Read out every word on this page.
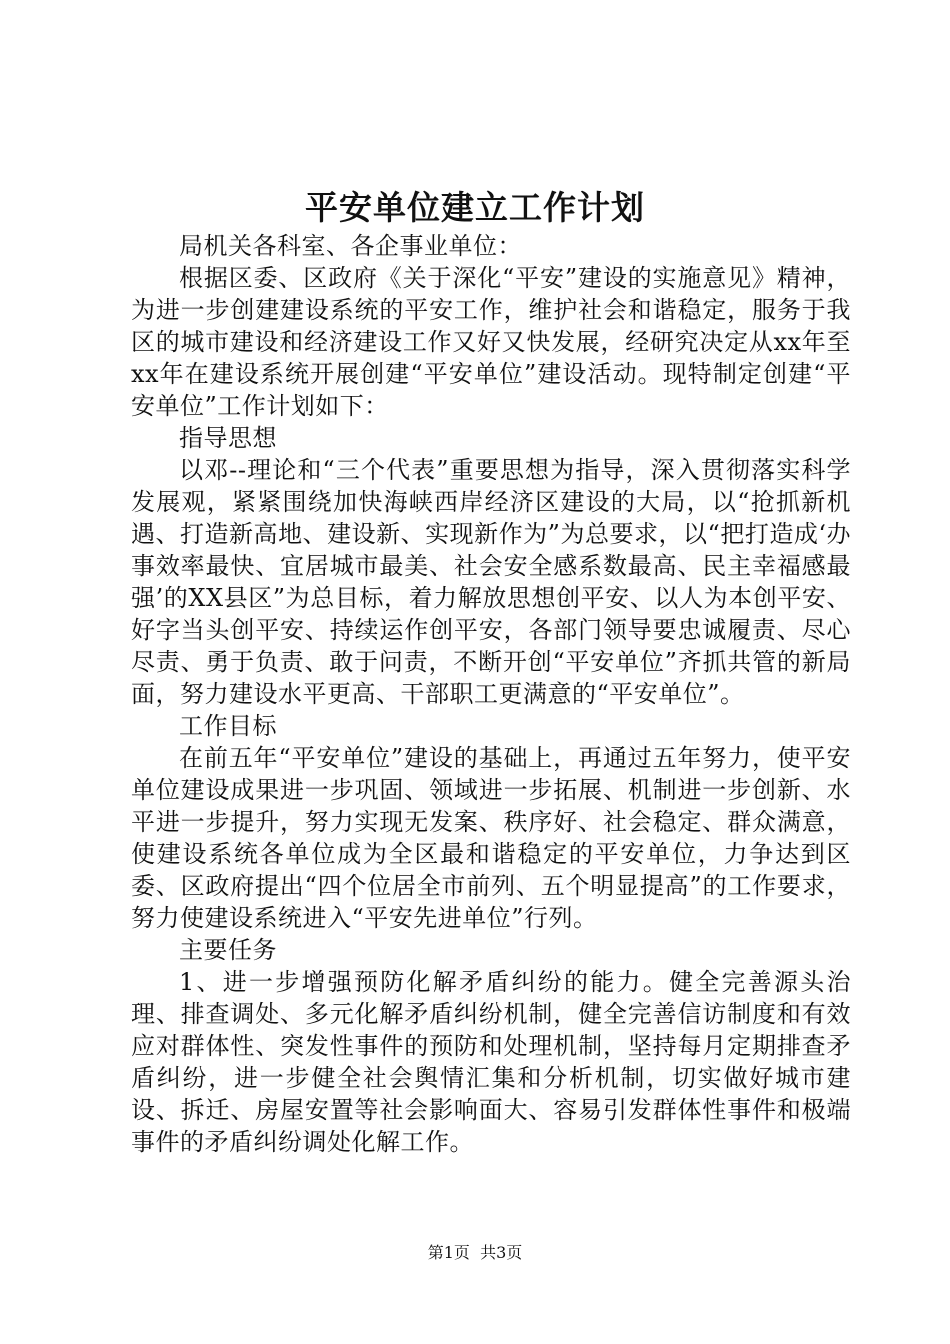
平安单位建立工作计划

局机关各科室、各企事业单位：

根据区委、区政府《关于深化“平安”建设的实施意见》精神，为进一步创建建设系统的平安工作，维护社会和谐稳定，服务于我区的城市建设和经济建设工作又好又快发展，经研究决定从xx年至xx年在建设系统开展创建“平安单位”建设活动。现特制定创建“平安单位”工作计划如下：

指导思想

以邓--理论和“三个代表”重要思想为指导，深入贯彻落实科学发展观，紧紧围绕加快海峡西岸经济区建设的大局，以“抢抓新机遇、打造新高地、建设新、实现新作为”为总要求，以“把打造成‘办事效率最快、宜居城市最美、社会安全感系数最高、民主幸福感最强’的XX县区”为总目标，着力解放思想创平安、以人为本创平安、好字当头创平安、持续运作创平安，各部门领导要忠诚履责、尽心尽责、勇于负责、敢于问责，不断开创“平安单位”齐抓共管的新局面，努力建设水平更高、干部职工更满意的“平安单位”。

工作目标

在前五年“平安单位”建设的基础上，再通过五年努力，使平安单位建设成果进一步巩固、领域进一步拓展、机制进一步创新、水平进一步提升，努力实现无发案、秩序好、社会稳定、群众满意，使建设系统各单位成为全区最和谐稳定的平安单位，力争达到区委、区政府提出“四个位居全市前列、五个明显提高”的工作要求，努力使建设系统进入“平安先进单位”行列。

主要任务

1、进一步增强预防化解矛盾纠纷的能力。健全完善源头治理、排查调处、多元化解矛盾纠纷机制，健全完善信访制度和有效应对群体性、突发性事件的预防和处理机制，坚持每月定期排查矛盾纠纷，进一步健全社会舆情汇集和分析机制，切实做好城市建设、拆迁、房屋安置等社会影响面大、容易引发群体性事件和极端事件的矛盾纠纷调处化解工作。

第1页 共3页
